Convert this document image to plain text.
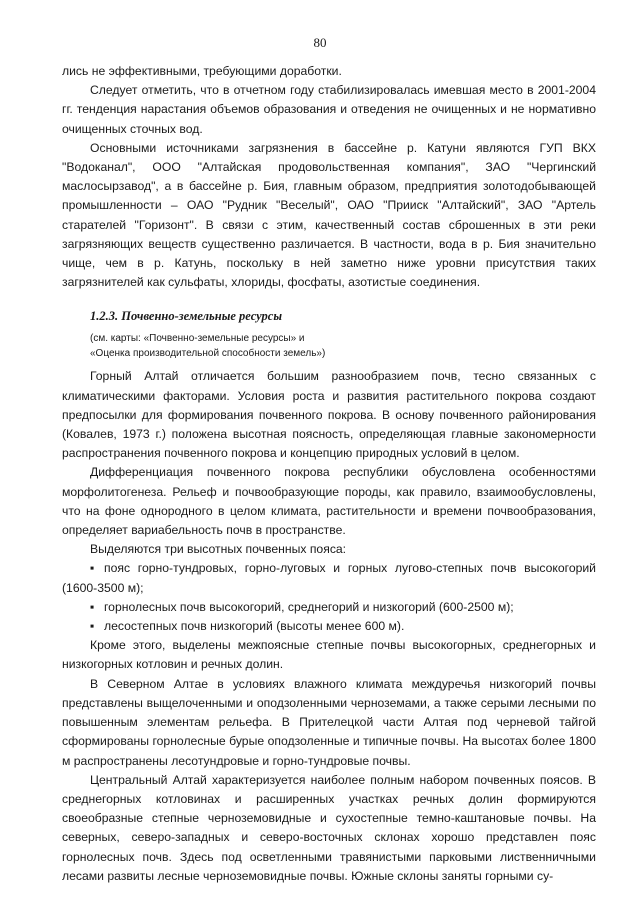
80

лись не эффективными, требующими доработки.

Следует отметить, что в отчетном году стабилизировалась имевшая место в 2001-2004 гг. тенденция нарастания объемов образования и отведения не очищенных и не нормативно очищенных сточных вод.

Основными источниками загрязнения в бассейне р. Катуни являются ГУП ВКХ "Водоканал", ООО "Алтайская продовольственная компания", ЗАО "Чергинский маслосырзавод", а в бассейне р. Бия, главным образом, предприятия золотодобывающей промышленности – ОАО "Рудник "Веселый", ОАО "Прииск "Алтайский", ЗАО "Артель старателей "Горизонт". В связи с этим, качественный состав сброшенных в эти реки загрязняющих веществ существенно различается. В частности, вода в р. Бия значительно чище, чем в р. Катунь, поскольку в ней заметно ниже уровни присутствия таких загрязнителей как сульфаты, хлориды, фосфаты, азотистые соединения.

1.2.3. Почвенно-земельные ресурсы
(см. карты: «Почвенно-земельные ресурсы» и
«Оценка производительной способности земель»)

Горный Алтай отличается большим разнообразием почв, тесно связанных с климатическими факторами. Условия роста и развития растительного покрова создают предпосылки для формирования почвенного покрова. В основу почвенного районирования (Ковалев, 1973 г.) положена высотная поясность, определяющая главные закономерности распространения почвенного покрова и концепцию природных условий в целом.

Дифференциация почвенного покрова республики обусловлена особенностями морфолитогенеза. Рельеф и почвообразующие породы, как правило, взаимообусловлены, что на фоне однородного в целом климата, растительности и времени почвообразования, определяет вариабельность почв в пространстве.

Выделяются три высотных почвенных пояса:

▪ пояс горно-тундровых, горно-луговых и горных лугово-степных почв высокогорий (1600-3500 м);
▪ горнолесных почв высокогорий, среднегорий и низкогорий (600-2500 м);
▪ лесостепных почв низкогорий (высоты менее 600 м).

Кроме этого, выделены межпоясные степные почвы высокогорных, среднегорных и низкогорных котловин и речных долин.

В Северном Алтае в условиях влажного климата междуречья низкогорий почвы представлены выщелоченными и оподзоленными черноземами, а также серыми лесными по повышенным элементам рельефа. В Прителецкой части Алтая под черневой тайгой сформированы горнолесные бурые оподзоленные и типичные почвы. На высотах более 1800 м распространены лесотундровые и горно-тундровые почвы.

Центральный Алтай характеризуется наиболее полным набором почвенных поясов. В среднегорных котловинах и расширенных участках речных долин формируются своеобразные степные черноземовидные и сухостепные темно-каштановые почвы. На северных, северо-западных и северо-восточных склонах хорошо представлен пояс горнолесных почв. Здесь под осветленными травянистыми парковыми лиственничными лесами развиты лесные черноземовидные почвы. Южные склоны заняты горными су-
